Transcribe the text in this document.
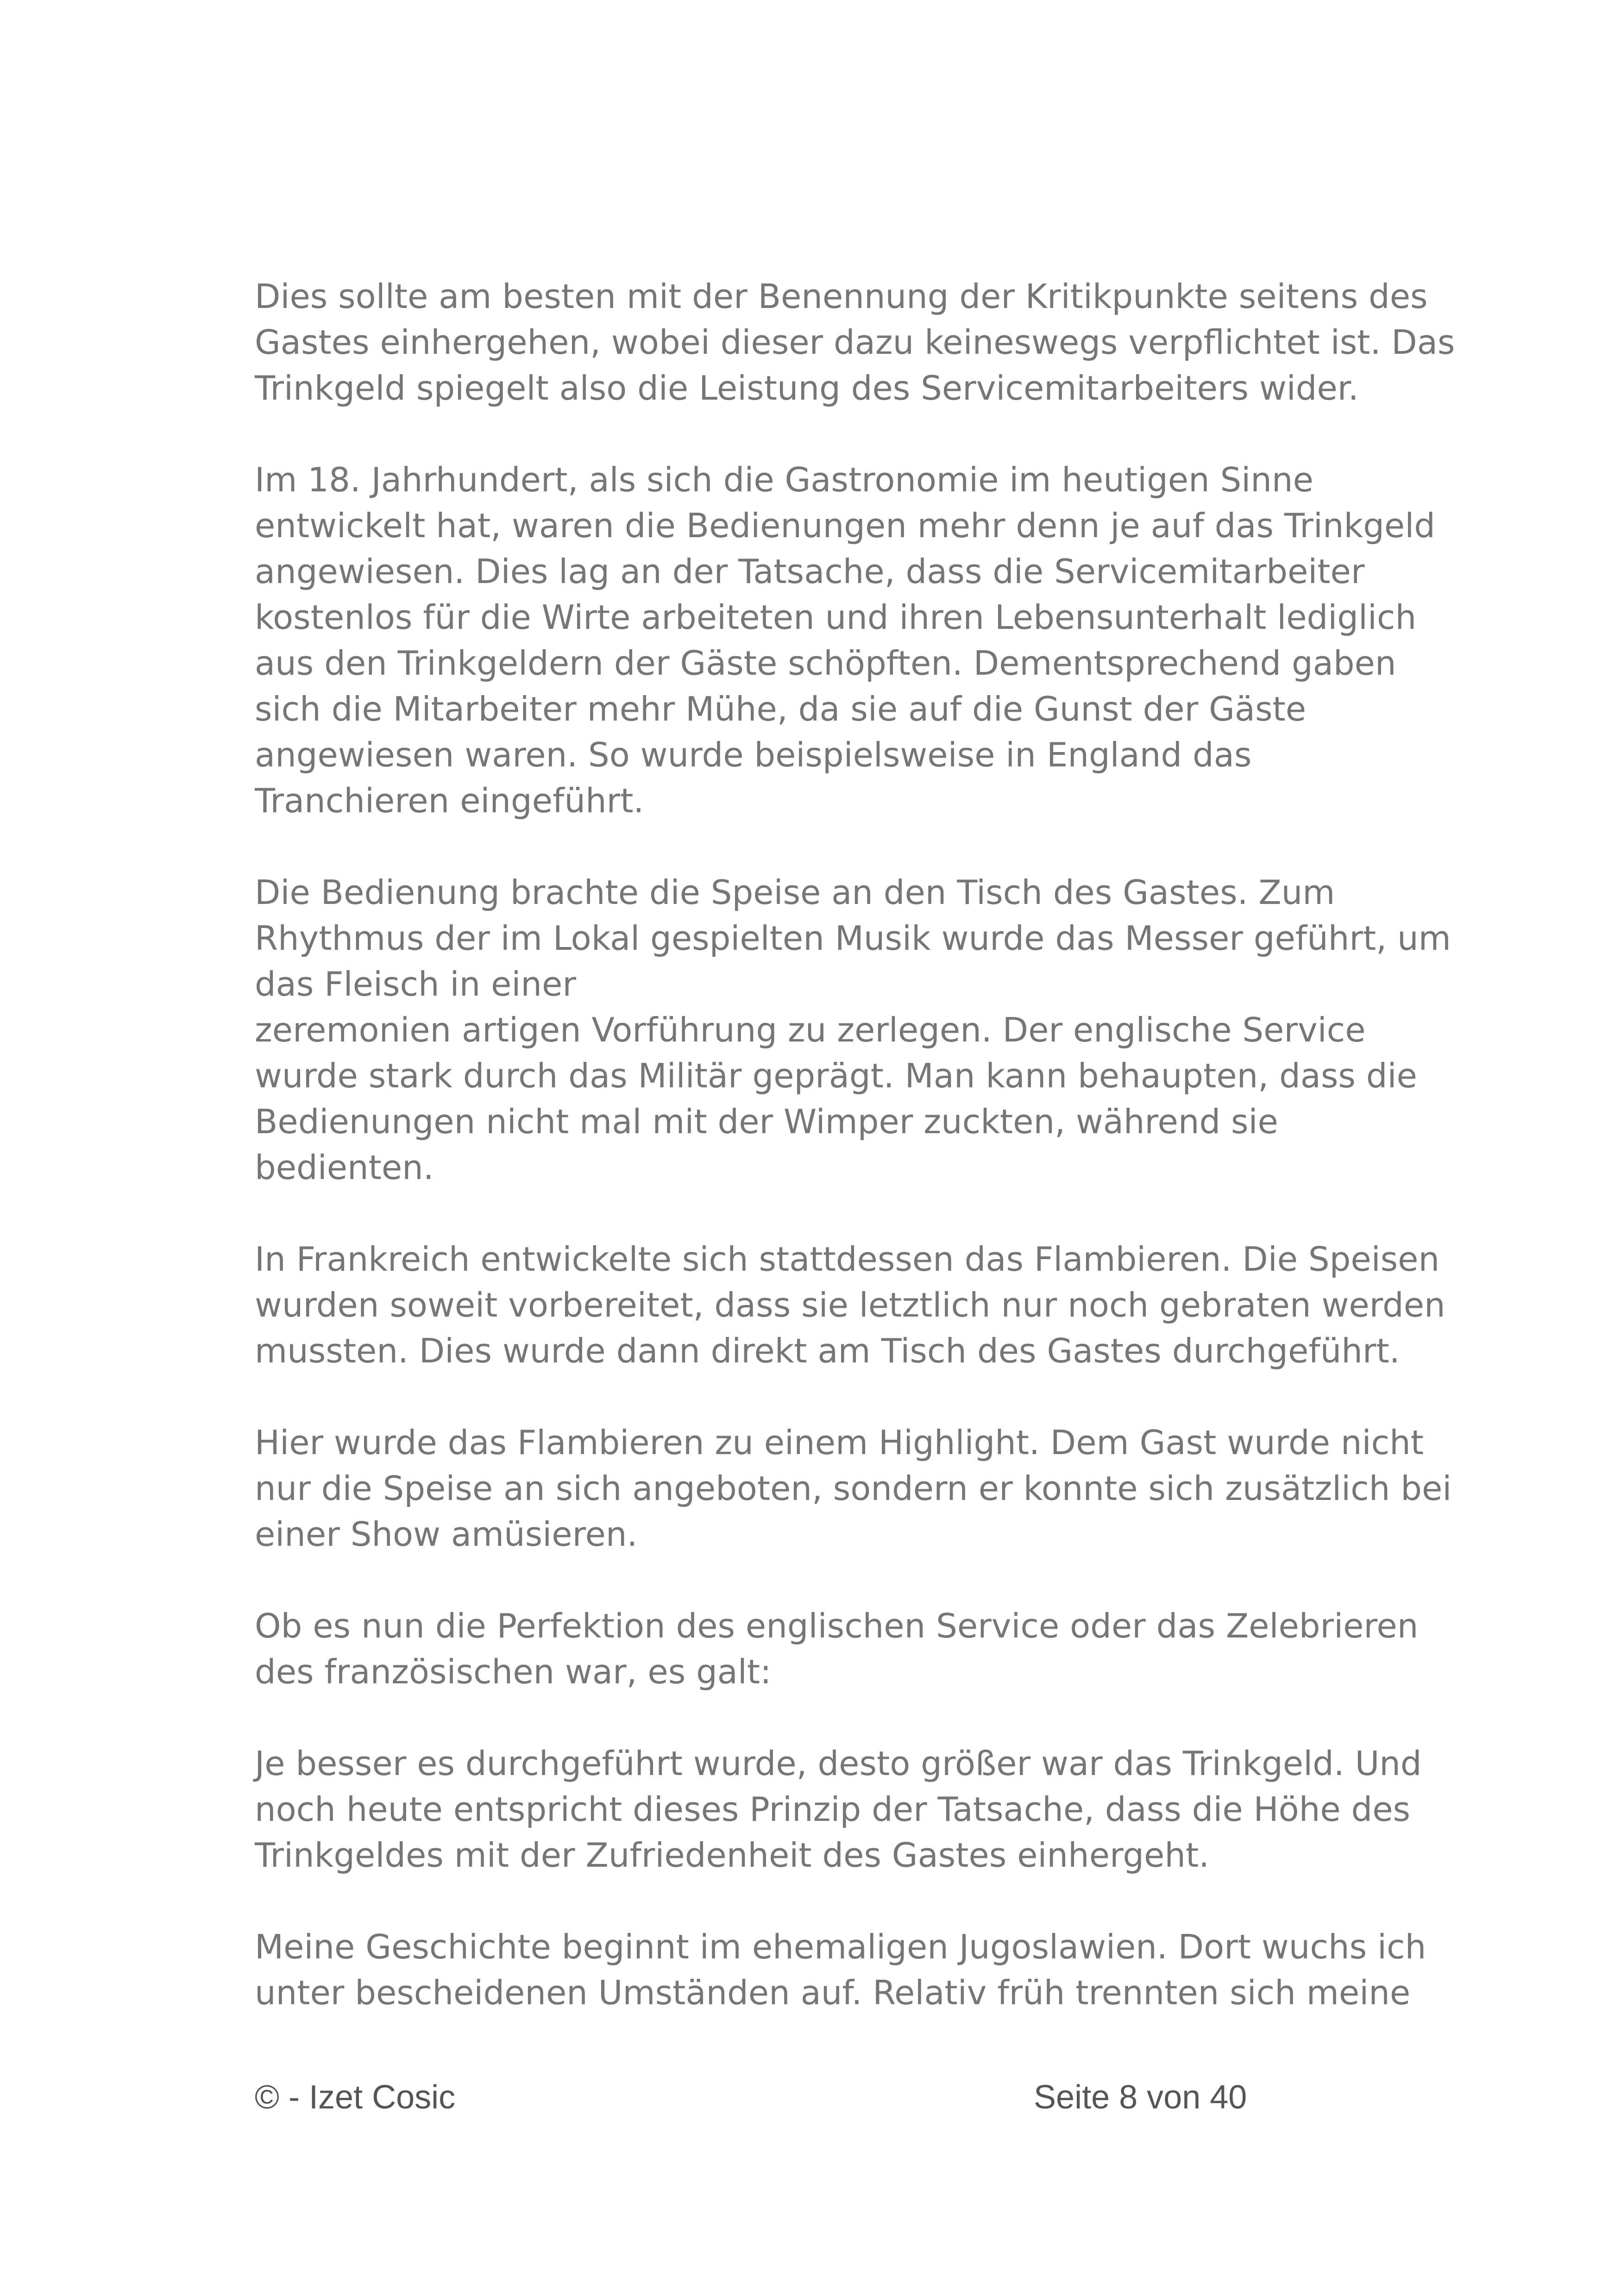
Dies sollte am besten mit der Benennung der Kritikpunkte seitens des
Gastes einhergehen, wobei dieser dazu keineswegs verpflichtet ist. Das
Trinkgeld spiegelt also die Leistung des Servicemitarbeiters wider.
Im 18. Jahrhundert, als sich die Gastronomie im heutigen Sinne
entwickelt hat, waren die Bedienungen mehr denn je auf das Trinkgeld
angewiesen. Dies lag an der Tatsache, dass die Servicemitarbeiter
kostenlos für die Wirte arbeiteten und ihren Lebensunterhalt lediglich
aus den Trinkgeldern der Gäste schöpften. Dementsprechend gaben
sich die Mitarbeiter mehr Mühe, da sie auf die Gunst der Gäste
angewiesen waren. So wurde beispielsweise in England das
Tranchieren eingeführt.
Die Bedienung brachte die Speise an den Tisch des Gastes. Zum
Rhythmus der im Lokal gespielten Musik wurde das Messer geführt, um
das Fleisch in einer
zeremonien artigen Vorführung zu zerlegen. Der englische Service
wurde stark durch das Militär geprägt. Man kann behaupten, dass die
Bedienungen nicht mal mit der Wimper zuckten, während sie
bedienten.
In Frankreich entwickelte sich stattdessen das Flambieren. Die Speisen
wurden soweit vorbereitet, dass sie letztlich nur noch gebraten werden
mussten. Dies wurde dann direkt am Tisch des Gastes durchgeführt.
Hier wurde das Flambieren zu einem Highlight. Dem Gast wurde nicht
nur die Speise an sich angeboten, sondern er konnte sich zusätzlich bei
einer Show amüsieren.
Ob es nun die Perfektion des englischen Service oder das Zelebrieren
des französischen war, es galt:
Je besser es durchgeführt wurde, desto größer war das Trinkgeld. Und
noch heute entspricht dieses Prinzip der Tatsache, dass die Höhe des
Trinkgeldes mit der Zufriedenheit des Gastes einhergeht.
Meine Geschichte beginnt im ehemaligen Jugoslawien. Dort wuchs ich
unter bescheidenen Umständen auf. Relativ früh trennten sich meine
© - Izet Cosic	Seite 8 von 40
